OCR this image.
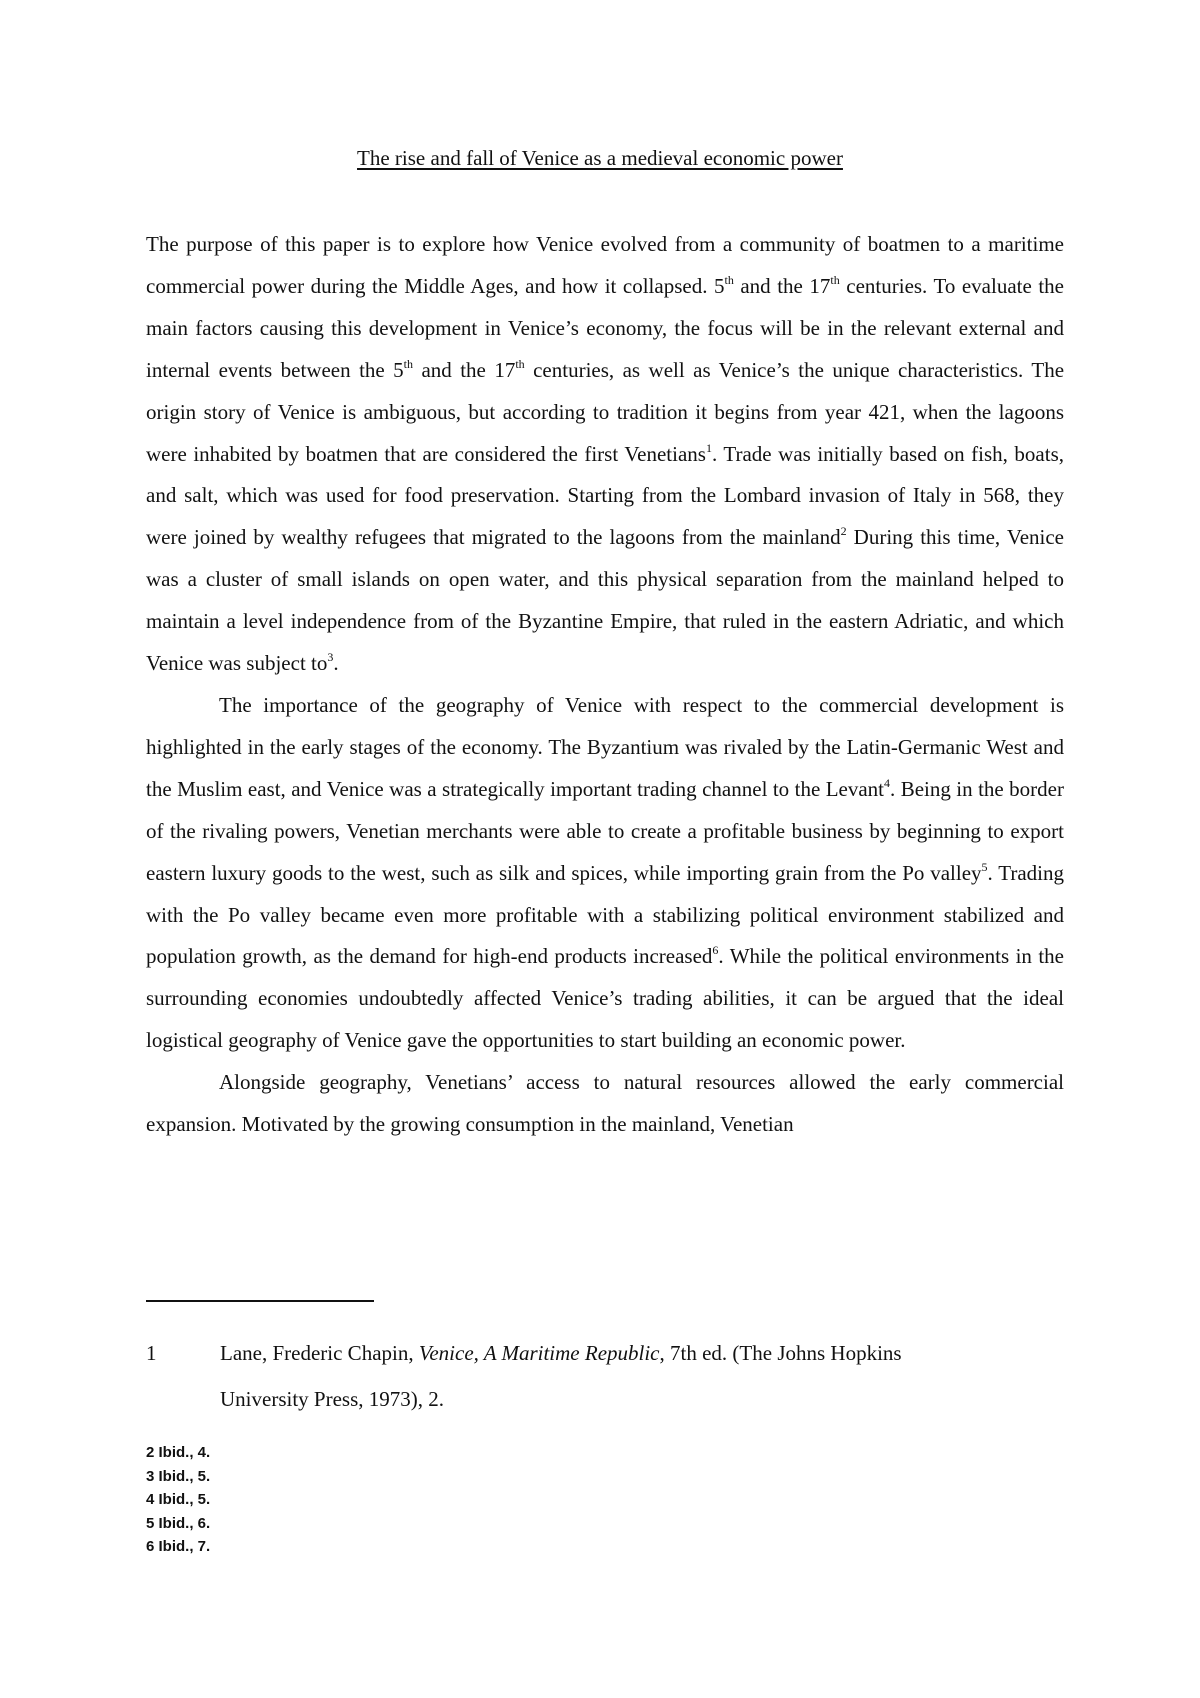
The rise and fall of Venice as a medieval economic power

The purpose of this paper is to explore how Venice evolved from a community of boatmen to a maritime commercial power during the Middle Ages, and how it collapsed. 5th and the 17th centuries. To evaluate the main factors causing this development in Venice’s economy, the focus will be in the relevant external and internal events between the 5th and the 17th centuries, as well as Venice’s the unique characteristics. The origin story of Venice is ambiguous, but according to tradition it begins from year 421, when the lagoons were inhabited by boatmen that are considered the first Venetians$^1$. Trade was initially based on fish, boats, and salt, which was used for food preservation. Starting from the Lombard invasion of Italy in 568, they were joined by wealthy refugees that migrated to the lagoons from the mainland$^2$ During this time, Venice was a cluster of small islands on open water, and this physical separation from the mainland helped to maintain a level independence from of the Byzantine Empire, that ruled in the eastern Adriatic, and which Venice was subject $to^3$.

The importance of the geography of Venice with respect to the commercial development is highlighted in the early stages of the economy. The Byzantium was rivaled by the Latin-Germanic West and the Muslim east, and Venice was a strategically important trading channel to the Levant$^4$. Being in the border of the rivaling powers, Venetian merchants were able to create a profitable business by beginning to export eastern luxury goods to the west, such as silk and spices, while importing grain from the Po valley$^5$. Trading with the Po valley became even more profitable with a stabilizing political environment stabilized and population growth, as the demand for high-end products increased$^6$. While the political environments in the surrounding economies undoubtedly affected Venice’s trading abilities, it can be argued that the ideal logistical geography of Venice gave the opportunities to start building an economic power.

Alongside geography, Venetians’ access to natural resources allowed the early commercial expansion. Motivated by the growing consumption in the mainland, Venetian

1	Lane, Frederic Chapin, Venice, A Maritime Republic, 7th ed. (The Johns Hopkins
University Press, 1973), 2.
2 Ibid., 4.
3 Ibid., 5.
4 Ibid., 5.
5 Ibid., 6.
6 Ibid., 7.
